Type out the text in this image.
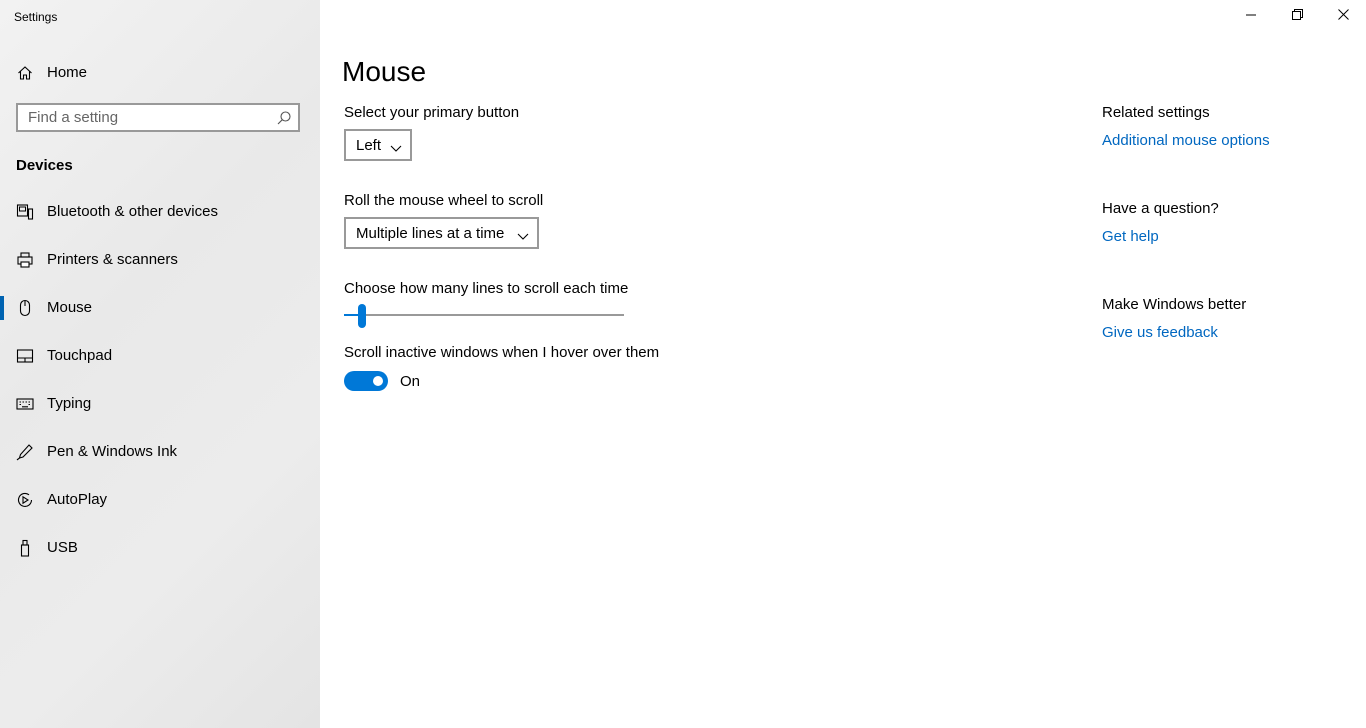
Settings
Home
Find a setting
Devices
Bluetooth & other devices
Printers & scanners
Mouse
Touchpad
Typing
Pen & Windows Ink
AutoPlay
USB
Mouse
Select your primary button
Left
Roll the mouse wheel to scroll
Multiple lines at a time
Choose how many lines to scroll each time
Scroll inactive windows when I hover over them
On
Related settings
Additional mouse options
Have a question?
Get help
Make Windows better
Give us feedback
